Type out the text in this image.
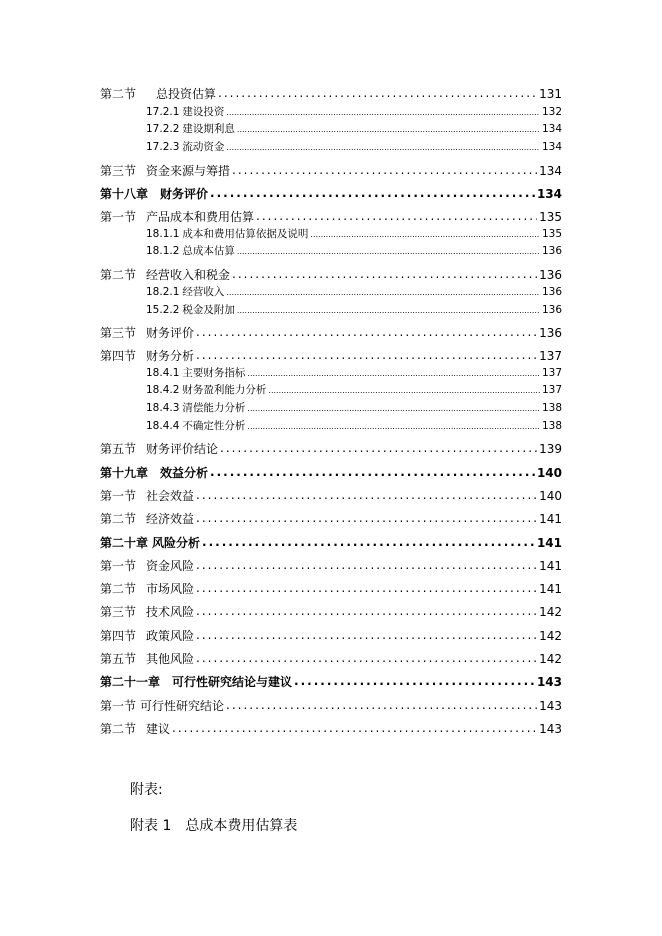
第二节 总投资估算 .....	131
17.2.1 建设投资 .....	132
17.2.2 建设期利息 .....	134
17.2.3 流动资金 .....	134
第三节 资金来源与筹措 .....	134
第十八章 财务评价 .....	134
第一节 产品成本和费用估算 .....	135
18.1.1 成本和费用估算依据及说明 .....	135
18.1.2 总成本估算 .....	136
第二节 经营收入和税金 .....	136
18.2.1 经营收入 .....	136
15.2.2 税金及附加 .....	136
第三节 财务评价 .....	136
第四节 财务分析 .....	137
18.4.1 主要财务指标 .....	137
18.4.2 财务盈利能力分析 .....	137
18.4.3 清偿能力分析 .....	138
18.4.4 不确定性分析 .....	138
第五节 财务评价结论 .....	139
第十九章 效益分析 .....	140
第一节 社会效益 .....	140
第二节 经济效益 .....	141
第二十章 风险分析 .....	141
第一节 资金风险 .....	141
第二节 市场风险 .....	141
第三节 技术风险 .....	142
第四节 政策风险 .....	142
第五节 其他风险 .....	142
第二十一章 可行性研究结论与建议 .....	143
第一节 可行性研究结论 .....	143
第二节 建议 .....	143
附表:
附表 1　总成本费用估算表
